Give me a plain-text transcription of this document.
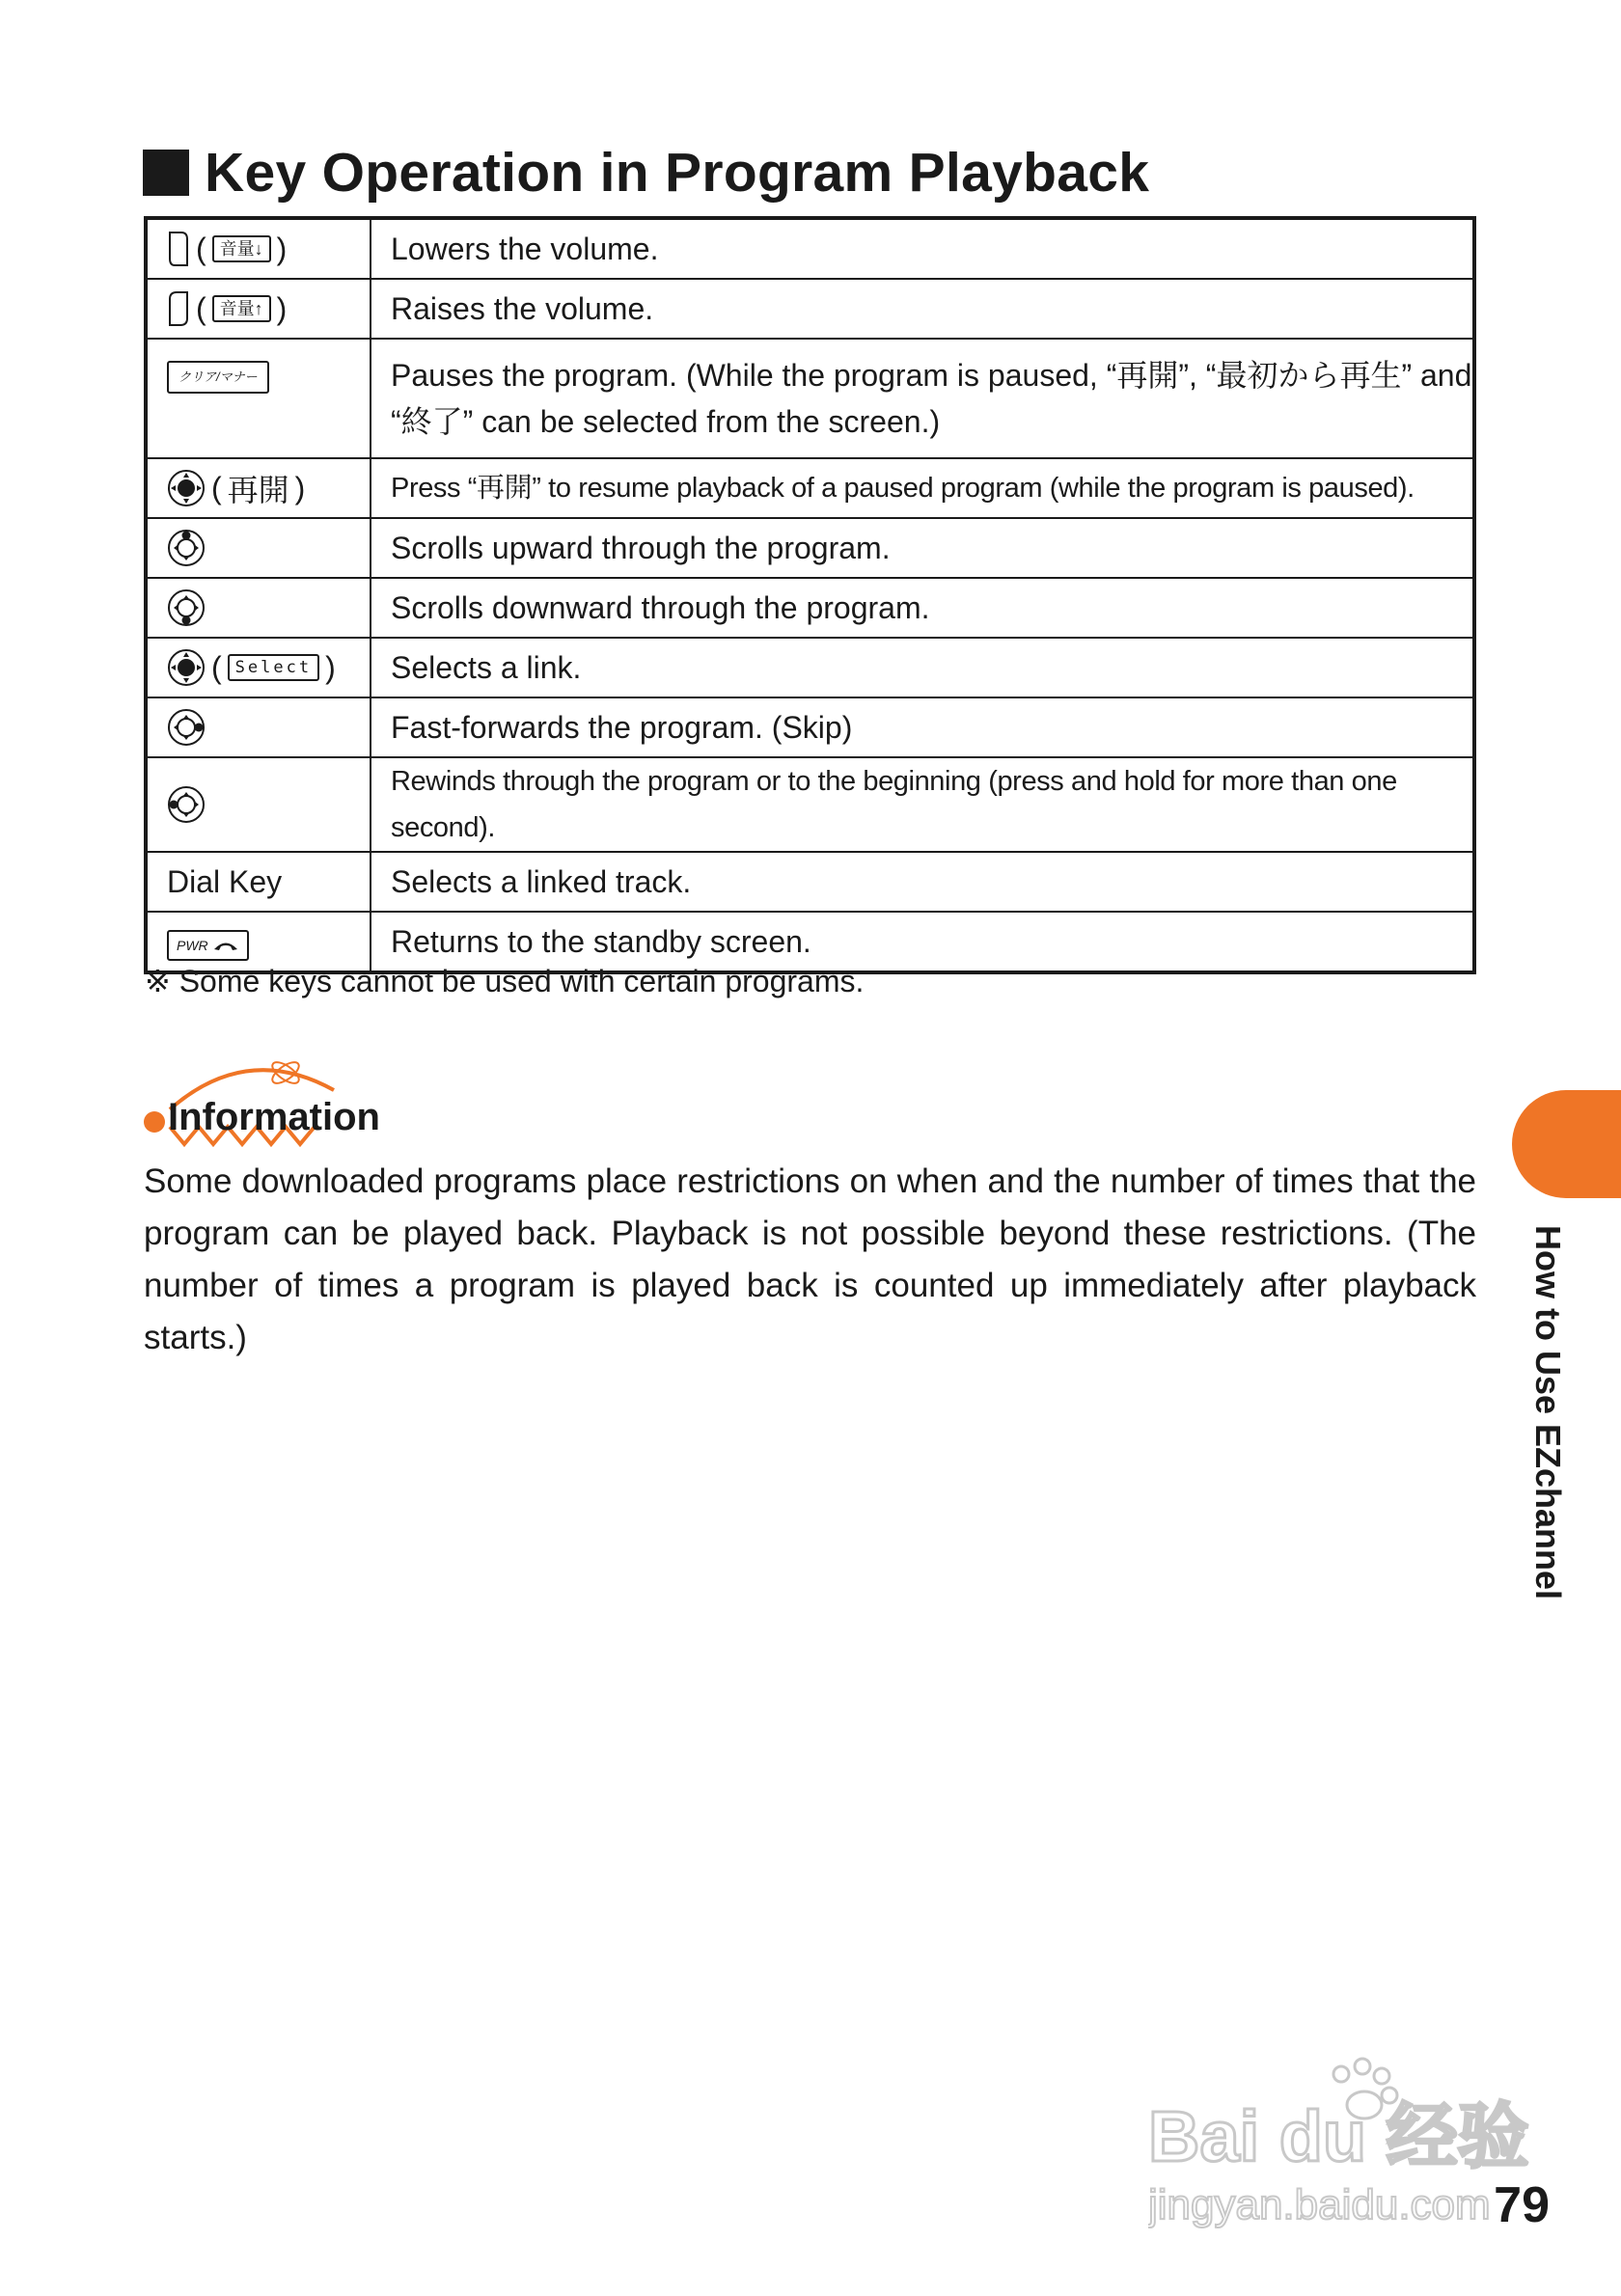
Key Operation in Program Playback
( 音量↓ )	Lowers the volume.

( 音量↑ )	Raises the volume.
クリア/マナー	Pauses the program. (While the program is paused, “再開”, “最初から再生” and “終了” can be selected from the screen.)

( 再開 )	Press “再開” to resume playback of a paused program (while the program is paused).
	Scrolls upward through the program.
	Scrolls downward through the program.

( Select )	Selects a link.
	Fast-forwards the program. (Skip)
	Rewinds through the program or to the beginning (press and hold for more than one second).
Dial Key	Selects a linked track.

PWR	Returns to the standby screen.
※ Some keys cannot be used with certain programs.
Information
Some downloaded programs place restrictions on when and the number of times that the program can be played back. Playback is not possible beyond these restrictions. (The number of times a program is played back is counted up immediately after playback starts.)	How to Use EZchannel
Bai du 经验
jingyan.baidu.com 79
